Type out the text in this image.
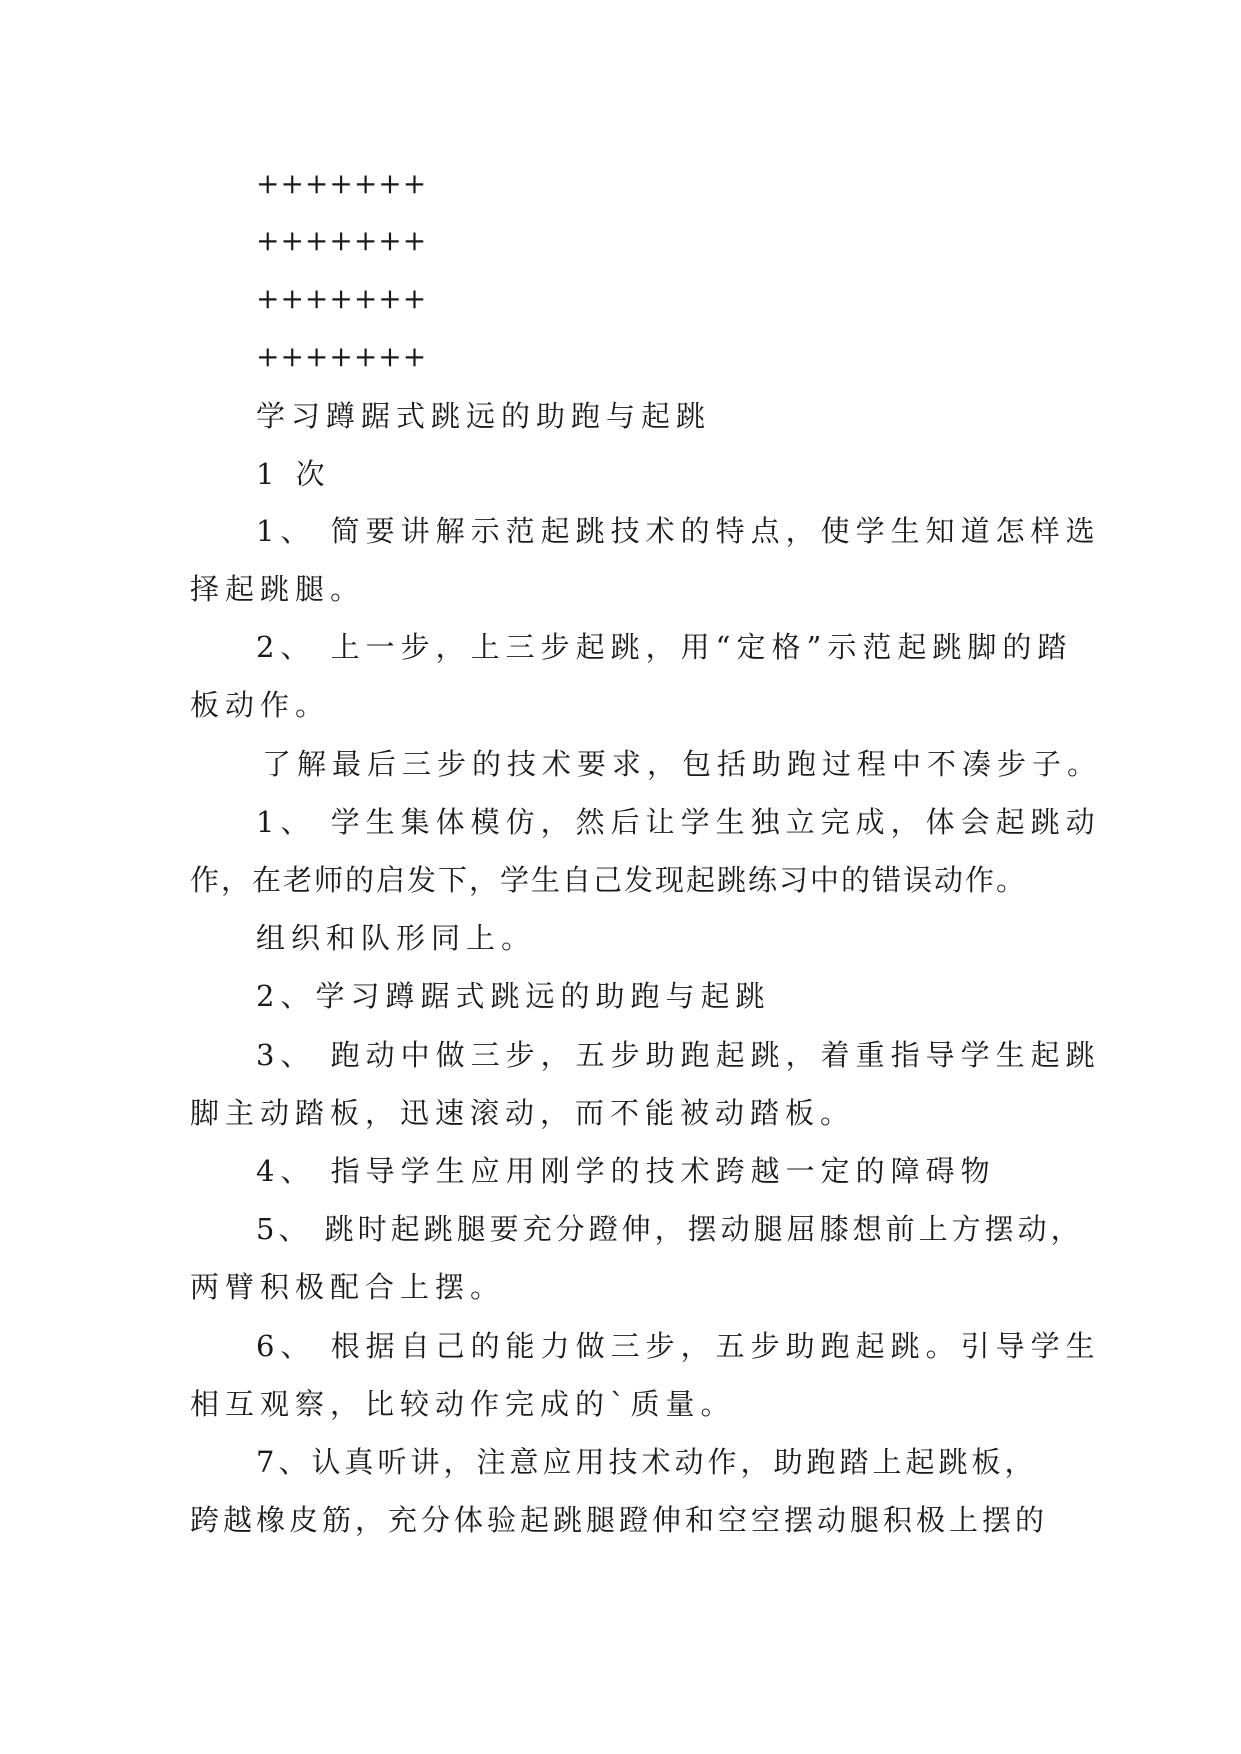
+++++++
+++++++
+++++++
+++++++
学习蹲踞式跳远的助跑与起跳
1 次
1、 简要讲解示范起跳技术的特点，使学生知道怎样选
择起跳腿。
2、 上一步，上三步起跳，用“定格”示范起跳脚的踏
板动作。
了解最后三步的技术要求，包括助跑过程中不凑步子。
1、 学生集体模仿，然后让学生独立完成，体会起跳动
作，在老师的启发下，学生自己发现起跳练习中的错误动作。
组织和队形同上。
2、学习蹲踞式跳远的助跑与起跳
3、 跑动中做三步，五步助跑起跳，着重指导学生起跳
脚主动踏板，迅速滚动，而不能被动踏板。
4、 指导学生应用刚学的技术跨越一定的障碍物
5、 跳时起跳腿要充分蹬伸，摆动腿屈膝想前上方摆动，
两臂积极配合上摆。
6、 根据自己的能力做三步，五步助跑起跳。引导学生
相互观察，比较动作完成的`质量。
7、认真听讲，注意应用技术动作，助跑踏上起跳板，
跨越橡皮筋，充分体验起跳腿蹬伸和空空摆动腿积极上摆的
